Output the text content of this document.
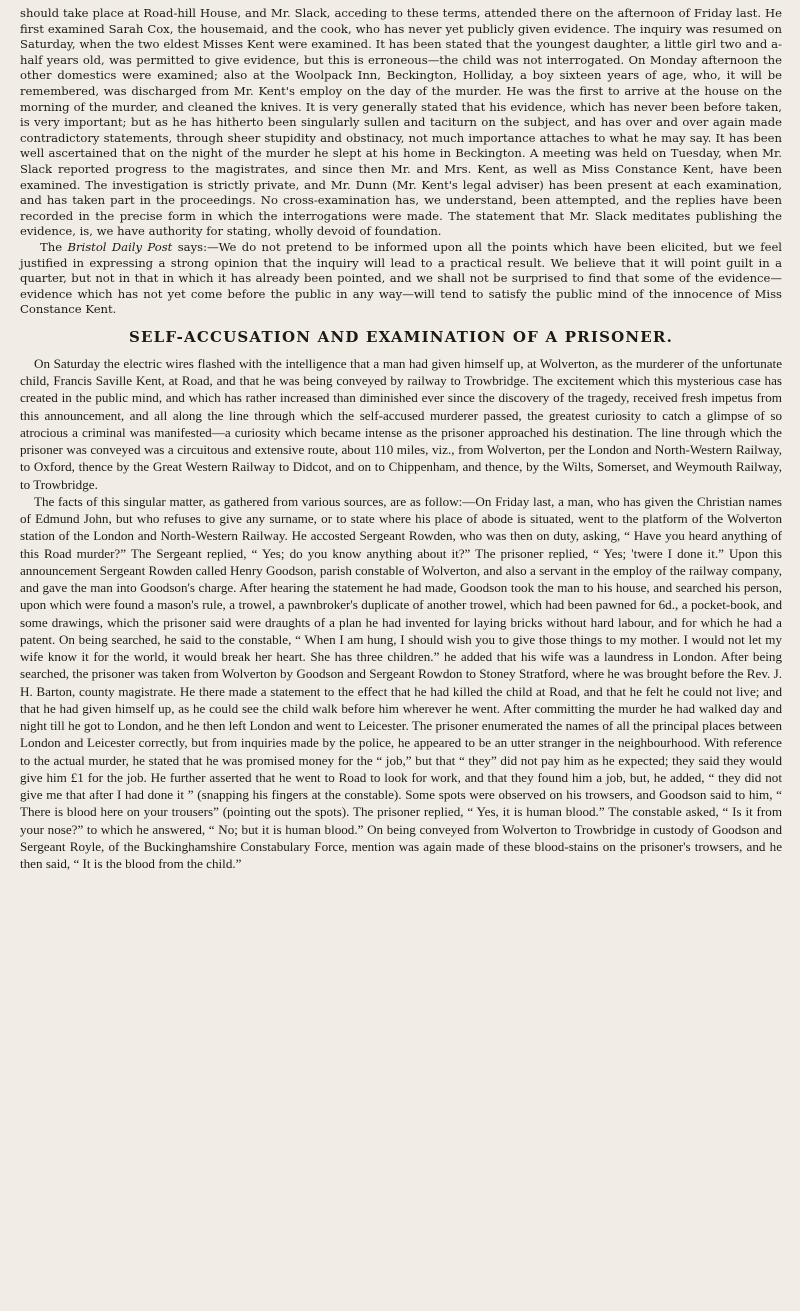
should take place at Road-hill House, and Mr. Slack, acceding to these terms, attended there on the afternoon of Friday last. He first examined Sarah Cox, the housemaid, and the cook, who has never yet publicly given evidence. The inquiry was resumed on Saturday, when the two eldest Misses Kent were examined. It has been stated that the youngest daughter, a little girl two and a-half years old, was permitted to give evidence, but this is erroneous—the child was not interrogated. On Monday afternoon the other domestics were examined; also at the Woolpack Inn, Beckington, Holliday, a boy sixteen years of age, who, it will be remembered, was discharged from Mr. Kent's employ on the day of the murder. He was the first to arrive at the house on the morning of the murder, and cleaned the knives. It is very generally stated that his evidence, which has never been before taken, is very important; but as he has hitherto been singularly sullen and taciturn on the subject, and has over and over again made contradictory statements, through sheer stupidity and obstinacy, not much importance attaches to what he may say. It has been well ascertained that on the night of the murder he slept at his home in Beckington. A meeting was held on Tuesday, when Mr. Slack reported progress to the magistrates, and since then Mr. and Mrs. Kent, as well as Miss Constance Kent, have been examined. The investigation is strictly private, and Mr. Dunn (Mr. Kent's legal adviser) has been present at each examination, and has taken part in the proceedings. No cross-examination has, we understand, been attempted, and the replies have been recorded in the precise form in which the interrogations were made. The statement that Mr. Slack meditates publishing the evidence, is, we have authority for stating, wholly devoid of foundation.

The Bristol Daily Post says:—We do not pretend to be informed upon all the points which have been elicited, but we feel justified in expressing a strong opinion that the inquiry will lead to a practical result. We believe that it will point guilt in a quarter, but not in that in which it has already been pointed, and we shall not be surprised to find that some of the evidence—evidence which has not yet come before the public in any way—will tend to satisfy the public mind of the innocence of Miss Constance Kent.

SELF-ACCUSATION AND EXAMINATION OF A PRISONER.

On Saturday the electric wires flashed with the intelligence that a man had given himself up, at Wolverton, as the murderer of the unfortunate child, Francis Saville Kent, at Road, and that he was being conveyed by railway to Trowbridge. The excitement which this mysterious case has created in the public mind, and which has rather increased than diminished ever since the discovery of the tragedy, received fresh impetus from this announcement, and all along the line through which the self-accused murderer passed, the greatest curiosity to catch a glimpse of so atrocious a criminal was manifested—a curiosity which became intense as the prisoner approached his destination. The line through which the prisoner was conveyed was a circuitous and extensive route, about 110 miles, viz., from Wolverton, per the London and North-Western Railway, to Oxford, thence by the Great Western Railway to Didcot, and on to Chippenham, and thence, by the Wilts, Somerset, and Weymouth Railway, to Trowbridge.

The facts of this singular matter, as gathered from various sources, are as follow:—On Friday last, a man, who has given the Christian names of Edmund John, but who refuses to give any surname, or to state where his place of abode is situated, went to the platform of the Wolverton station of the London and North-Western Railway. He accosted Sergeant Rowden, who was then on duty, asking, “ Have you heard anything of this Road murder?” The Sergeant replied, “ Yes; do you know anything about it?” The prisoner replied, “ Yes; 'twere I done it.” Upon this announcement Sergeant Rowden called Henry Goodson, parish constable of Wolverton, and also a servant in the employ of the railway company, and gave the man into Goodson's charge. After hearing the statement he had made, Goodson took the man to his house, and searched his person, upon which were found a mason's rule, a trowel, a pawnbroker's duplicate of another trowel, which had been pawned for 6d., a pocket-book, and some drawings, which the prisoner said were draughts of a plan he had invented for laying bricks without hard labour, and for which he had a patent. On being searched, he said to the constable, “ When I am hung, I should wish you to give those things to my mother. I would not let my wife know it for the world, it would break her heart. She has three children.” he added that his wife was a laundress in London. After being searched, the prisoner was taken from Wolverton by Goodson and Sergeant Rowdon to Stoney Stratford, where he was brought before the Rev. J. H. Barton, county magistrate. He there made a statement to the effect that he had killed the child at Road, and that he felt he could not live; and that he had given himself up, as he could see the child walk before him wherever he went. After committing the murder he had walked day and night till he got to London, and he then left London and went to Leicester. The prisoner enumerated the names of all the principal places between London and Leicester correctly, but from inquiries made by the police, he appeared to be an utter stranger in the neighbourhood. With reference to the actual murder, he stated that he was promised money for the “ job,” but that “ they” did not pay him as he expected; they said they would give him £1 for the job. He further asserted that he went to Road to look for work, and that they found him a job, but, he added, “ they did not give me that after I had done it ” (snapping his fingers at the constable). Some spots were observed on his trowsers, and Goodson said to him, “ There is blood here on your trousers” (pointing out the spots). The prisoner replied, “ Yes, it is human blood.” The constable asked, “ Is it from your nose?” to which he answered, “ No; but it is human blood.” On being conveyed from Wolverton to Trowbridge in custody of Goodson and Sergeant Royle, of the Buckinghamshire Constabulary Force, mention was again made of these blood-stains on the prisoner's trowsers, and he then said, “ It is the blood from the child.”
